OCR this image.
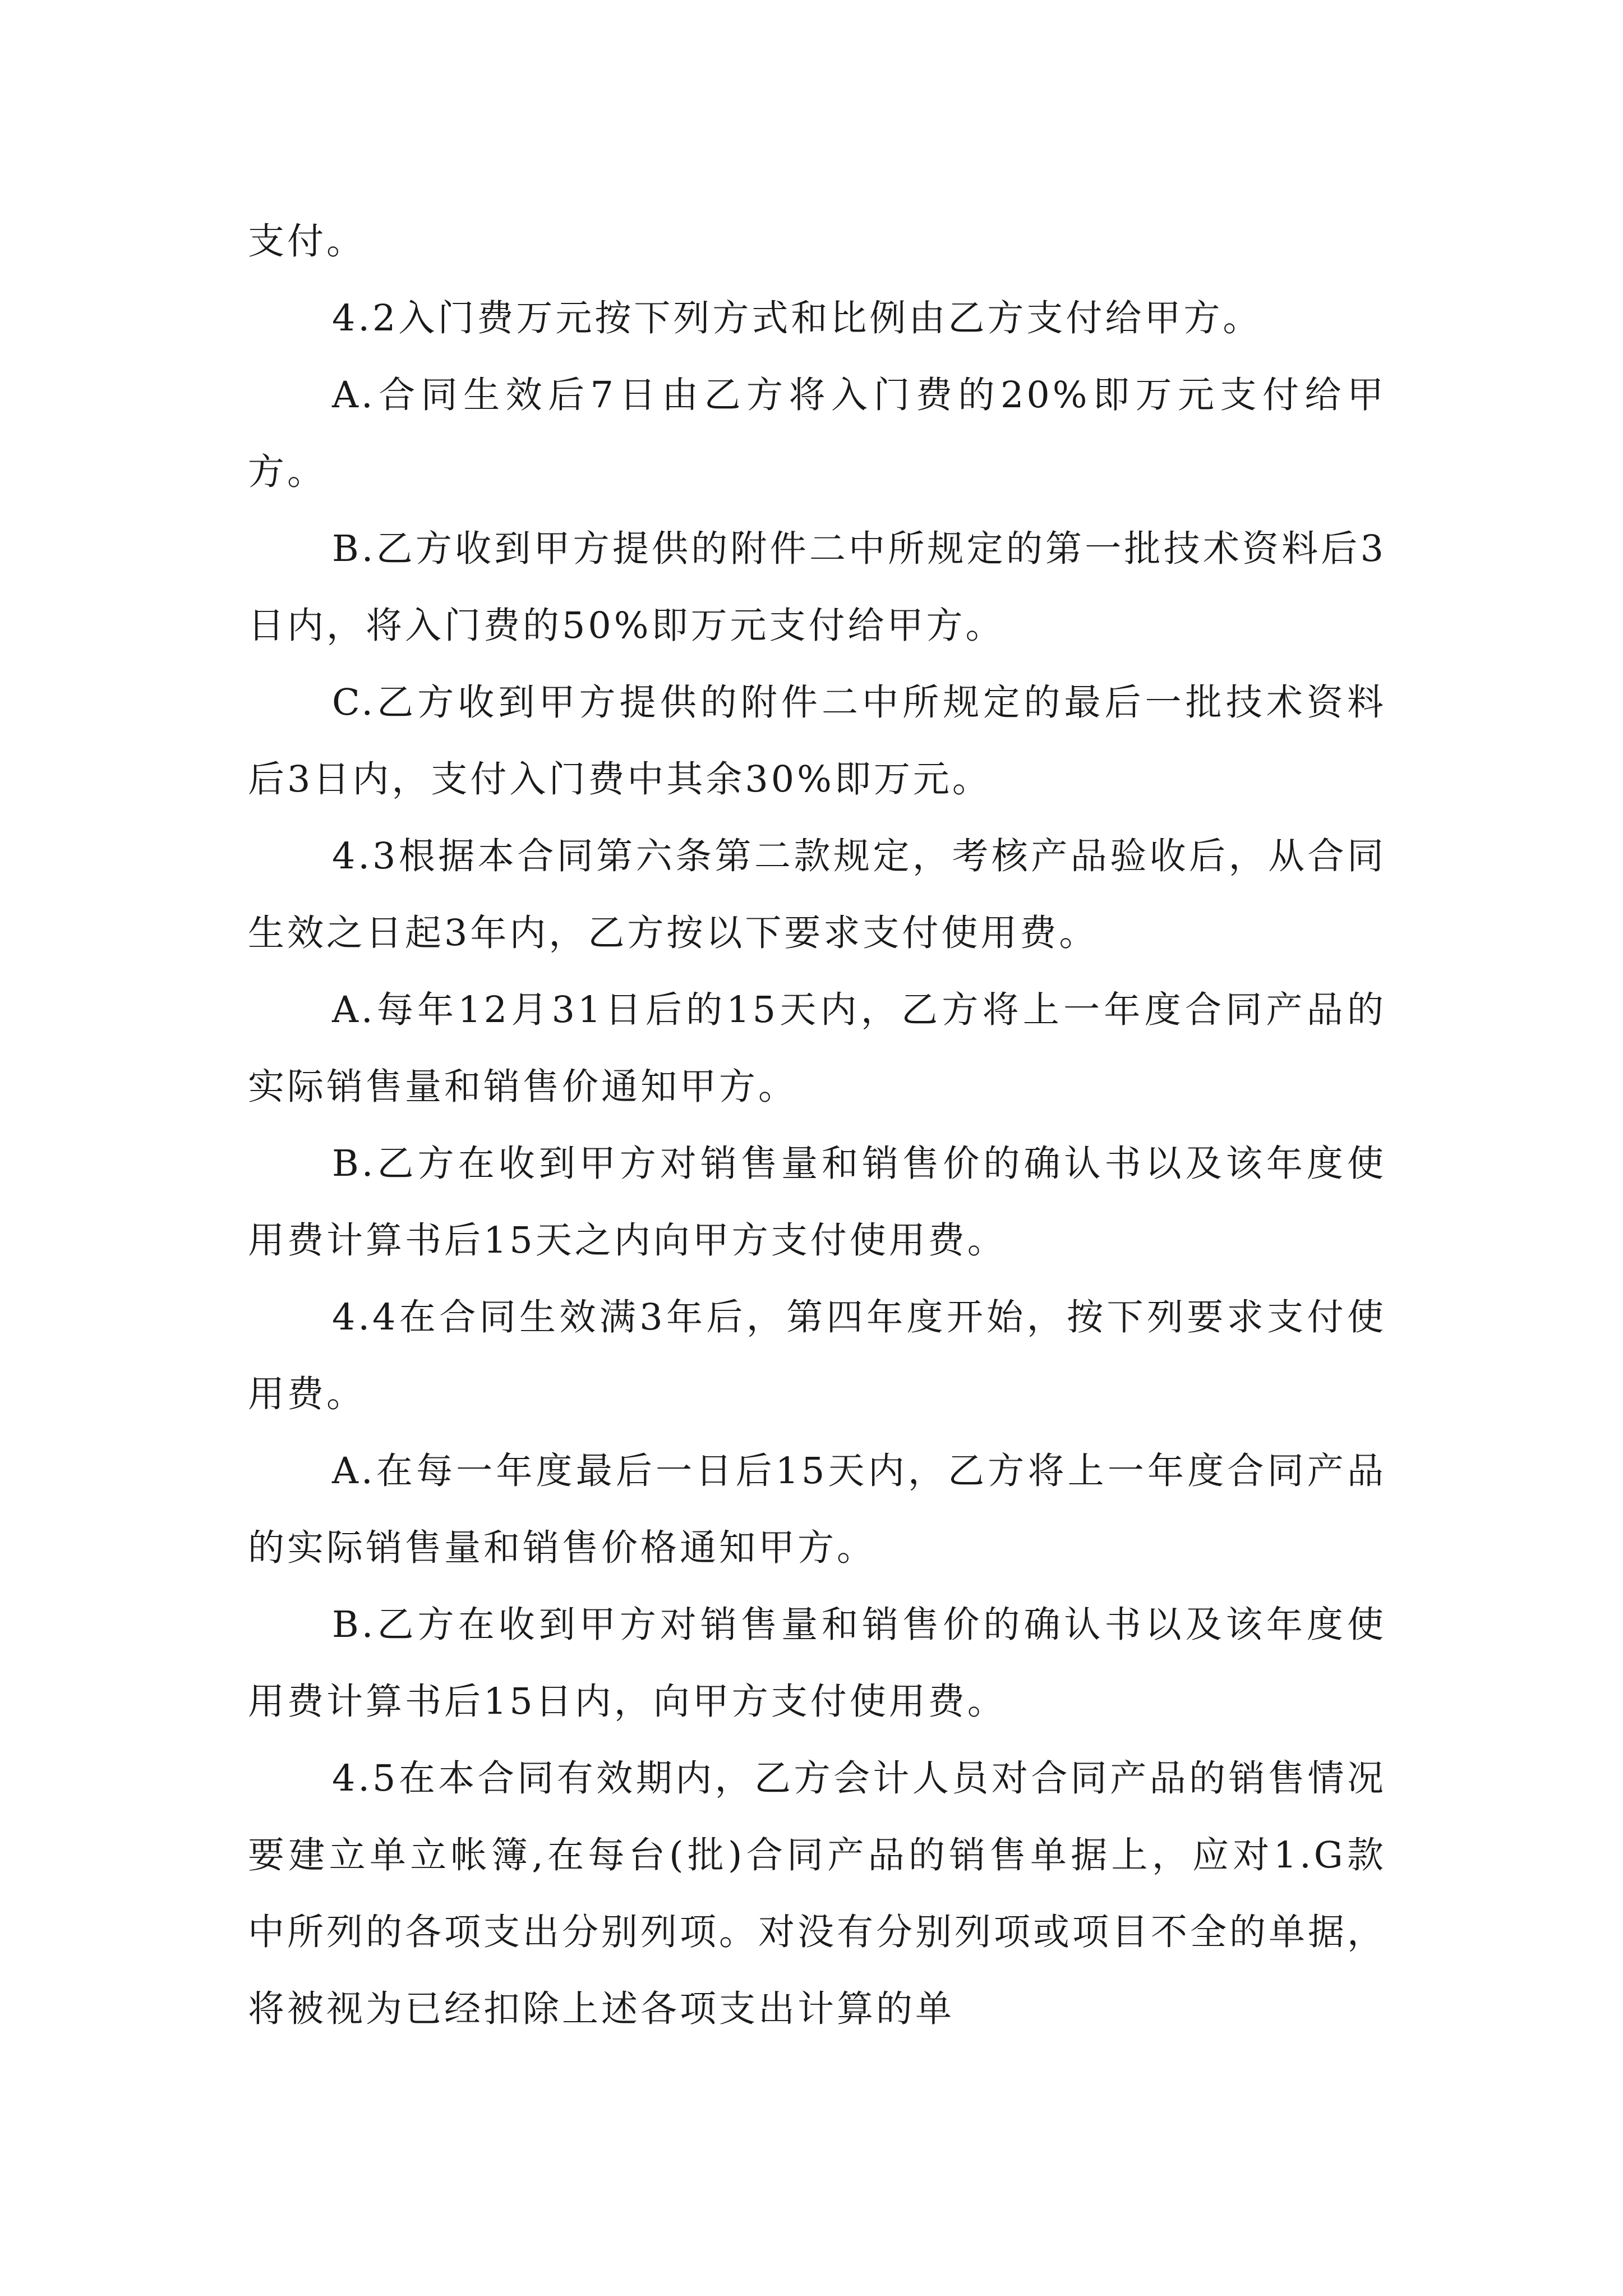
支付。

4.2入门费万元按下列方式和比例由乙方支付给甲方。

A.合同生效后7日由乙方将入门费的20%即万元支付给甲方。

B.乙方收到甲方提供的附件二中所规定的第一批技术资料后3日内，将入门费的50%即万元支付给甲方。

C.乙方收到甲方提供的附件二中所规定的最后一批技术资料后3日内，支付入门费中其余30%即万元。

4.3根据本合同第六条第二款规定，考核产品验收后，从合同生效之日起3年内，乙方按以下要求支付使用费。

A.每年12月31日后的15天内，乙方将上一年度合同产品的实际销售量和销售价通知甲方。

B.乙方在收到甲方对销售量和销售价的确认书以及该年度使用费计算书后15天之内向甲方支付使用费。

4.4在合同生效满3年后，第四年度开始，按下列要求支付使用费。

A.在每一年度最后一日后15天内，乙方将上一年度合同产品的实际销售量和销售价格通知甲方。

B.乙方在收到甲方对销售量和销售价的确认书以及该年度使用费计算书后15日内，向甲方支付使用费。

4.5在本合同有效期内，乙方会计人员对合同产品的销售情况要建立单立帐簿,在每台(批)合同产品的销售单据上，应对1.G款中所列的各项支出分别列项。对没有分别列项或项目不全的单据，将被视为已经扣除上述各项支出计算的单
